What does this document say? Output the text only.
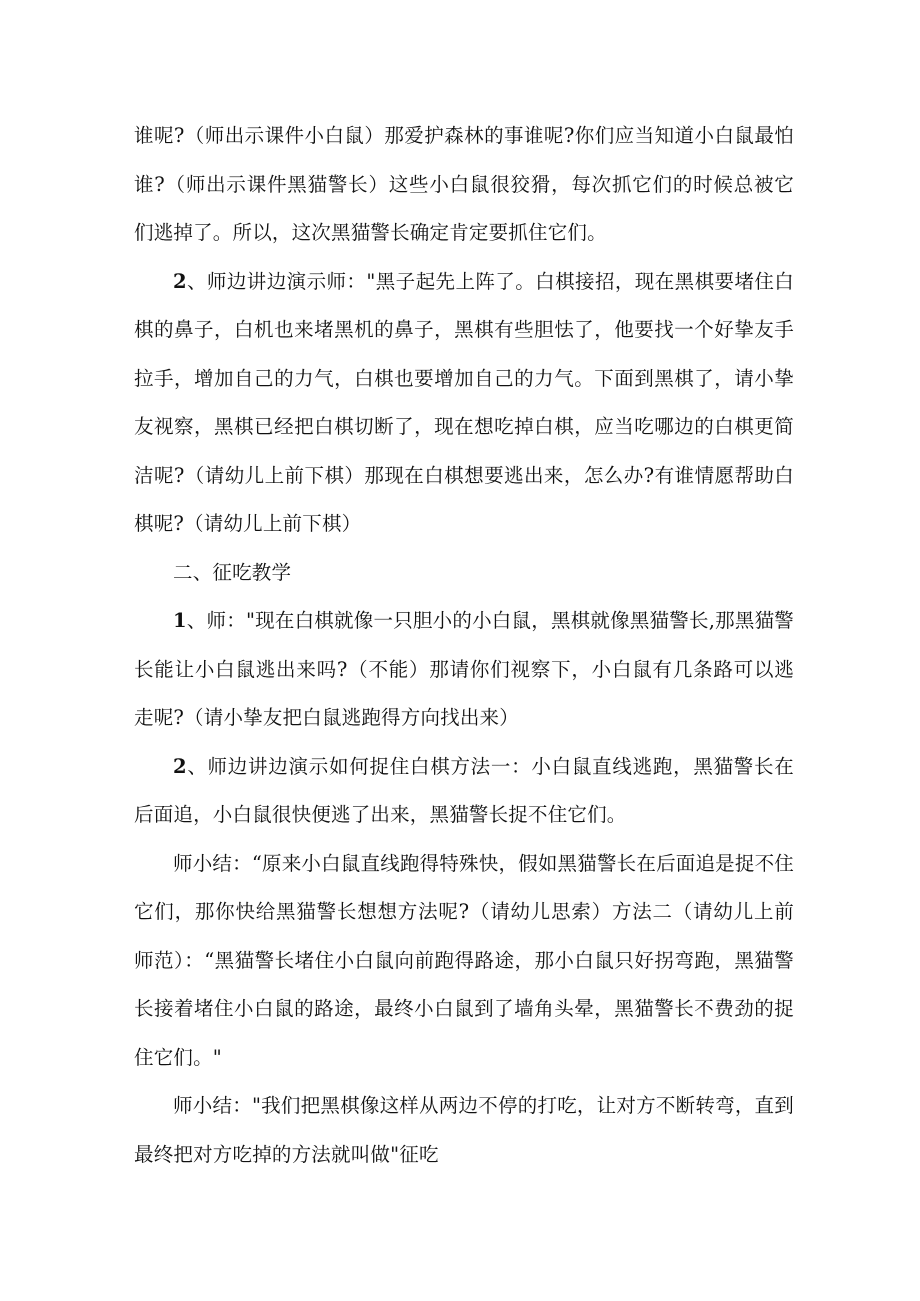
谁呢?（师出示课件小白鼠）那爱护森林的事谁呢?你们应当知道小白鼠最怕谁?（师出示课件黑猫警长）这些小白鼠很狡猾，每次抓它们的时候总被它们逃掉了。所以，这次黑猫警长确定肯定要抓住它们。

2、师边讲边演示师："黑子起先上阵了。白棋接招，现在黑棋要堵住白棋的鼻子，白机也来堵黑机的鼻子，黑棋有些胆怯了，他要找一个好挚友手拉手，增加自己的力气，白棋也要增加自己的力气。下面到黑棋了，请小挚友视察，黑棋已经把白棋切断了，现在想吃掉白棋，应当吃哪边的白棋更简洁呢?（请幼儿上前下棋）那现在白棋想要逃出来，怎么办?有谁情愿帮助白棋呢?（请幼儿上前下棋）

二、征吃教学

1、师："现在白棋就像一只胆小的小白鼠，黑棋就像黑猫警长,那黑猫警长能让小白鼠逃出来吗?（不能）那请你们视察下，小白鼠有几条路可以逃走呢?（请小挚友把白鼠逃跑得方向找出来）

2、师边讲边演示如何捉住白棋方法一：小白鼠直线逃跑，黑猫警长在后面追，小白鼠很快便逃了出来，黑猫警长捉不住它们。

师小结：“原来小白鼠直线跑得特殊快，假如黑猫警长在后面追是捉不住它们，那你快给黑猫警长想想方法呢?（请幼儿思索）方法二（请幼儿上前师范）：“黑猫警长堵住小白鼠向前跑得路途，那小白鼠只好拐弯跑，黑猫警长接着堵住小白鼠的路途，最终小白鼠到了墙角头晕，黑猫警长不费劲的捉住它们。"

师小结："我们把黑棋像这样从两边不停的打吃，让对方不断转弯，直到最终把对方吃掉的方法就叫做"征吃
